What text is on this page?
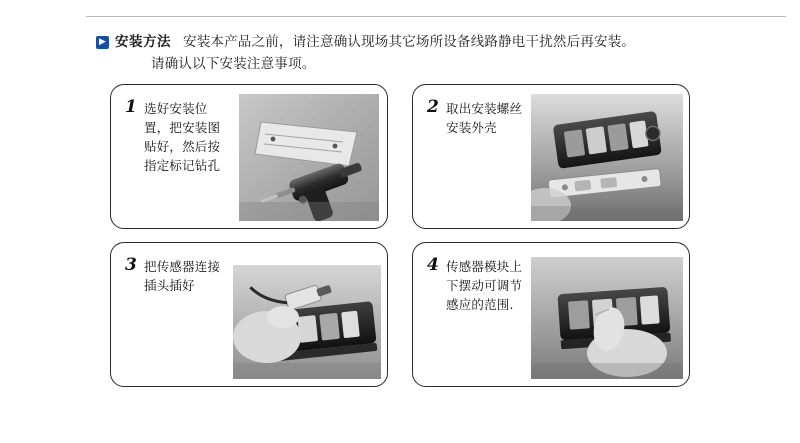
▶ 安装方法 安装本产品之前，请注意确认现场其它场所设备线路静电干扰然后再安装。
请确认以下安装注意事项。
1 选好安装位置，把安装图贴好，然后按指定标记钻孔
2 取出安装螺丝安装外壳
3 把传感器连接插头插好
4 传感器模块上下摆动可调节感应的范围.
